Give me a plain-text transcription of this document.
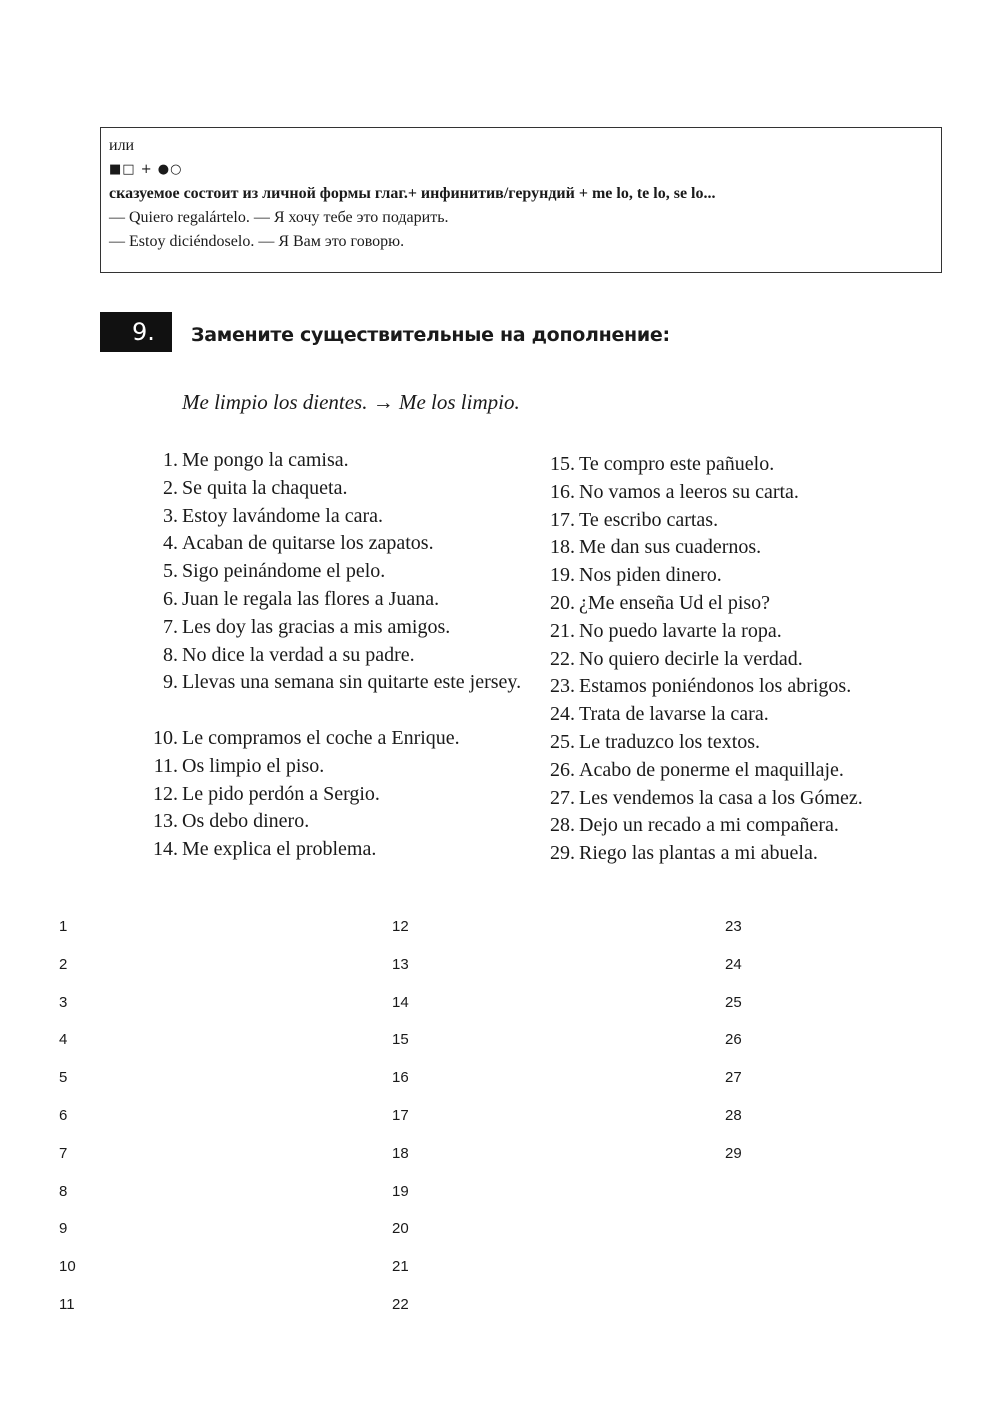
или
■□ + ●○
сказуемое состоит из личной формы глаг.+ инфинитив/герундий + me lo, te lo, se lo...
— Quiero regalártelo. — Я хочу тебе это подарить.
— Estoy diciéndoselo. — Я Вам это говорю.
9.	Замените существительные на дополнение:
Me limpio los dientes. → Me los limpio.
1. Me pongo la camisa.
2. Se quita la chaqueta.
3. Estoy lavándome la cara.
4. Acaban de quitarse los zapatos.
5. Sigo peinándome el pelo.
6. Juan le regala las flores a Juana.
7. Les doy las gracias a mis amigos.
8. No dice la verdad a su padre.
9. Llevas una semana sin quitarte este jersey.
10. Le compramos el coche a Enrique.
11. Os limpio el piso.
12. Le pido perdón a Sergio.
13. Os debo dinero.
14. Me explica el problema.
15. Te compro este pañuelo.
16. No vamos a leeros su carta.
17. Te escribo cartas.
18. Me dan sus cuadernos.
19. Nos piden dinero.
20. ¿Me enseña Ud el piso?
21. No puedo lavarte la ropa.
22. No quiero decirle la verdad.
23. Estamos poniéndonos los abrigos.
24. Trata de lavarse la cara.
25. Le traduzco los textos.
26. Acabo de ponerme el maquillaje.
27. Les vendemos la casa a los Gómez.
28. Dejo un recado a mi compañera.
29. Riego las plantas a mi abuela.
1
2
3
4
5
6
7
8
9
10
11
12
13
14
15
16
17
18
19
20
21
22
23
24
25
26
27
28
29
